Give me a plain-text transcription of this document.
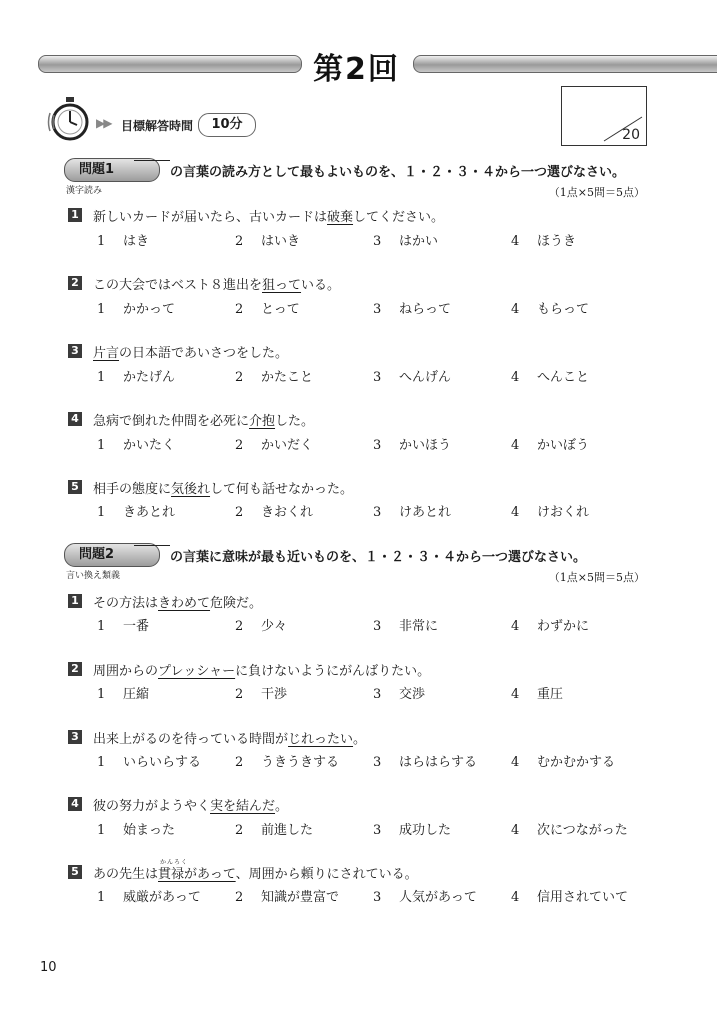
第2回
▶▶ 目標解答時間	10分
20
問題1	の言葉の読み方として最もよいものを、１・２・３・４から一つ選びなさい。
漢字読み	（1点×5問＝5点）
1 新しいカードが届いたら、古いカードは破棄してください。
1 はき	2 はいき	3 はかい	4 ほうき
2 この大会ではベスト８進出を狙っている。
1 かかって	2 とって	3 ねらって	4 もらって
3 片言の日本語であいさつをした。
1 かたげん	2 かたこと	3 へんげん	4 へんこと
4 急病で倒れた仲間を必死に介抱した。
1 かいたく	2 かいだく	3 かいほう	4 かいぼう
5 相手の態度に気後れして何も話せなかった。
1 きあとれ	2 きおくれ	3 けあとれ	4 けおくれ
問題2	の言葉に意味が最も近いものを、１・２・３・４から一つ選びなさい。
言い換え類義	（1点×5問＝5点）
1 その方法はきわめて危険だ。
1 一番	2 少々	3 非常に	4 わずかに
2 周囲からのプレッシャーに負けないようにがんばりたい。
1 圧縮	2 干渉	3 交渉	4 重圧
3 出来上がるのを待っている時間がじれったい。
1 いらいらする	2 うきうきする	3 はらはらする	4 むかむかする
4 彼の努力がようやく実を結んだ。
1 始まった	2 前進した	3 成功した	4 次につながった
5 あの先生は
かんろく
貫禄があって、周囲から頼りにされている。
1 威厳があって	2 知識が豊富で	3 人気があって	4 信用されていて
10
